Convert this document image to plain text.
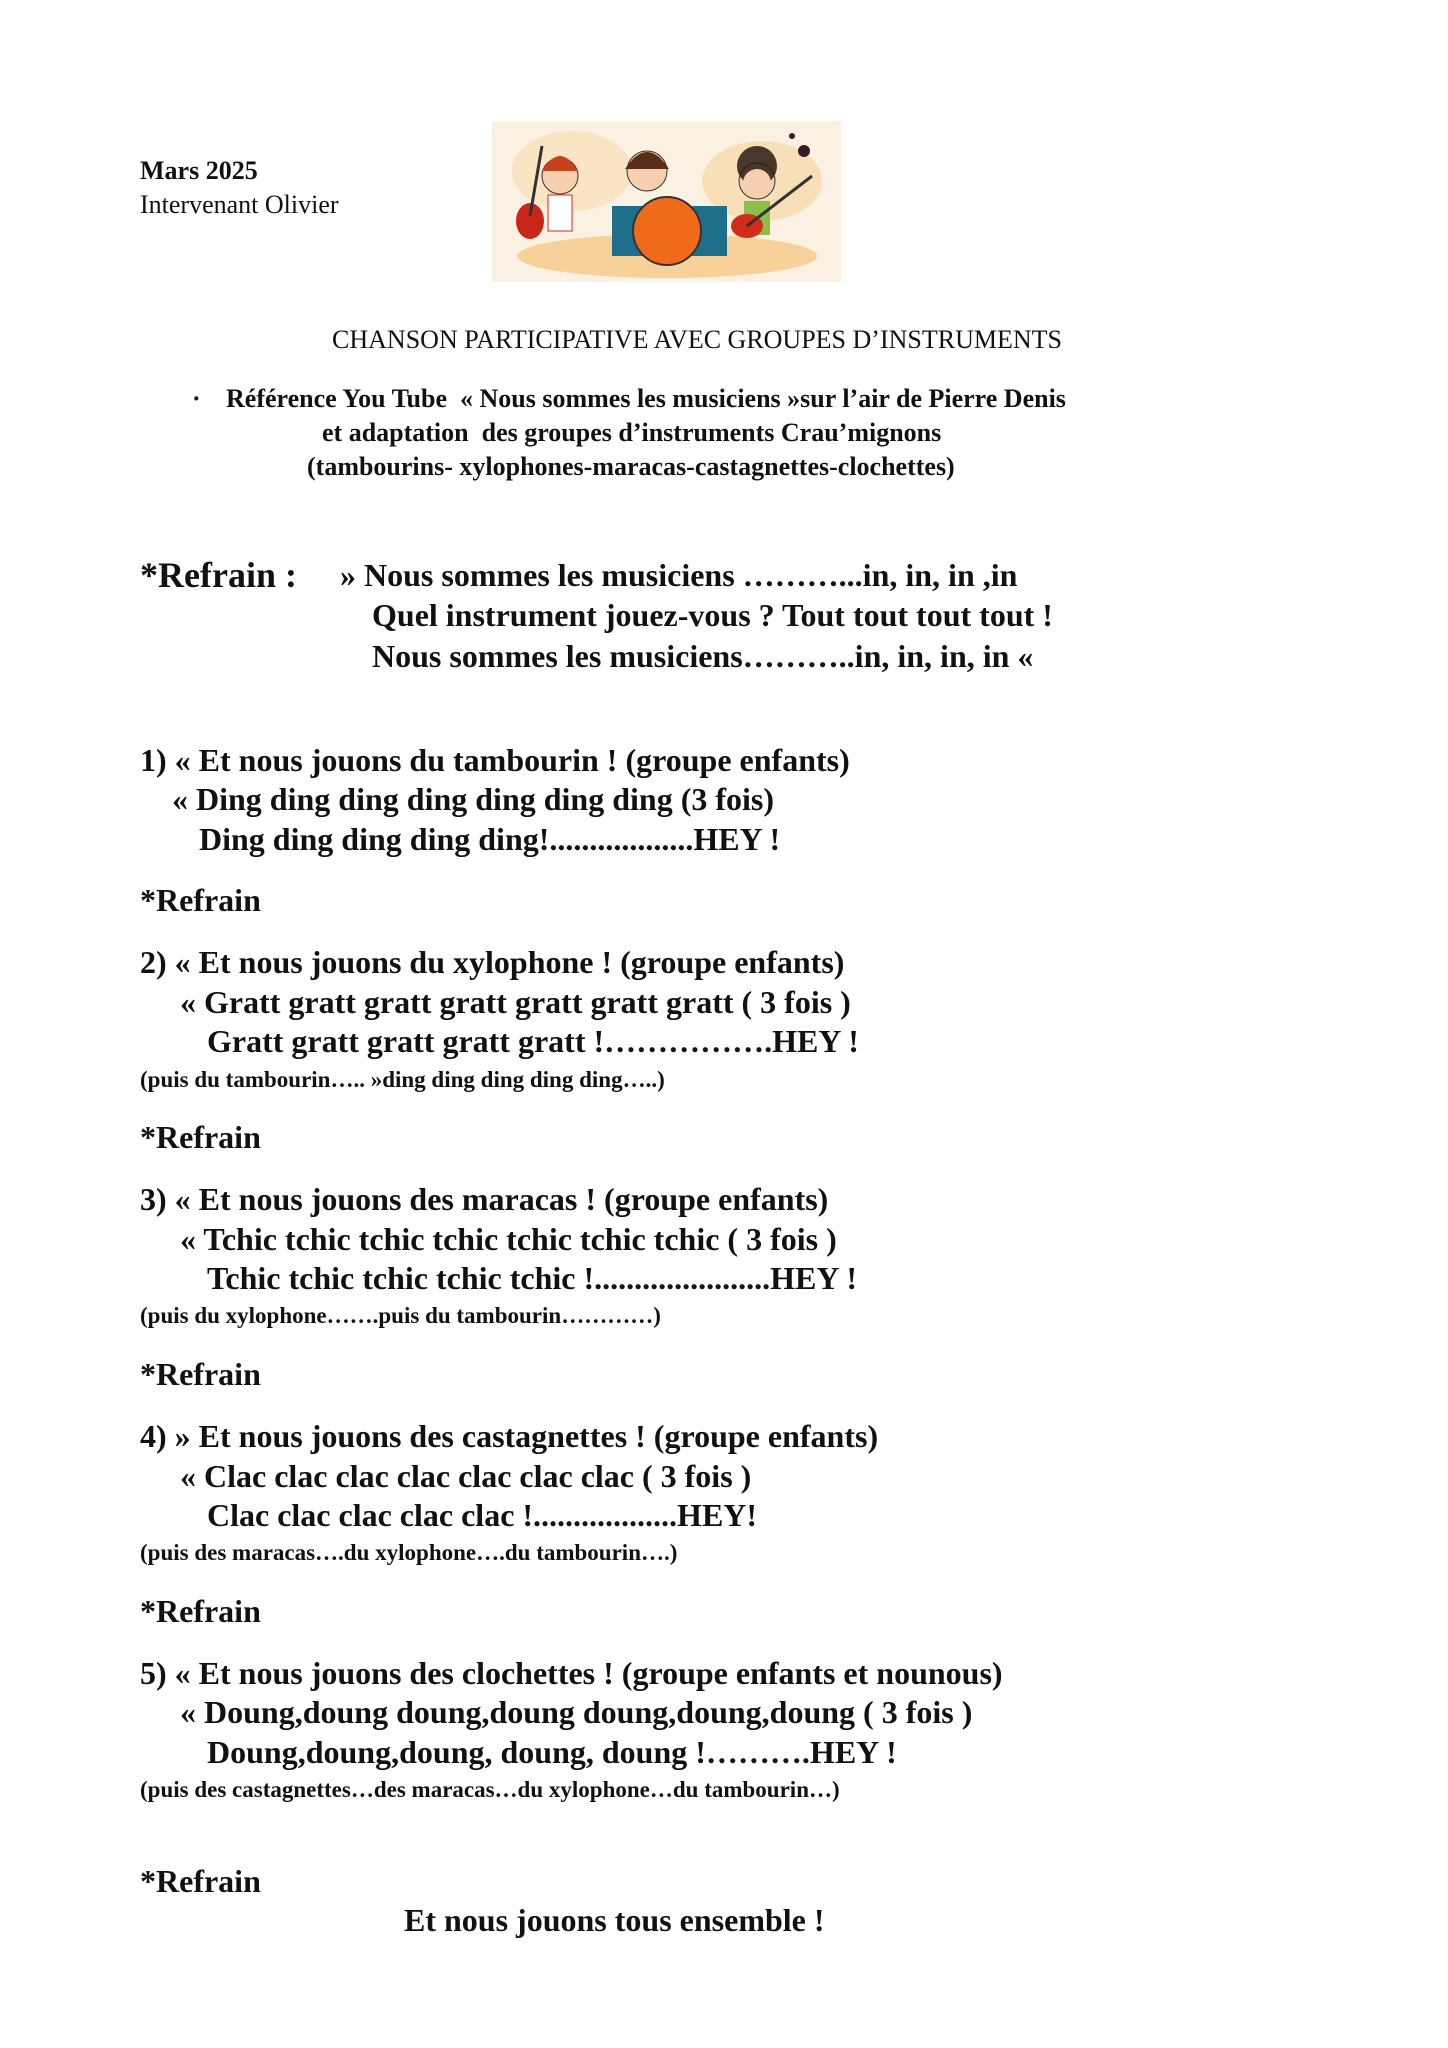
Mars 2025
Intervenant Olivier
CHANSON PARTICIPATIVE AVEC GROUPES D’INSTRUMENTS
· Référence You Tube  « Nous sommes les musiciens »sur l’air de Pierre Denis
et adaptation  des groupes d’instruments Crau’mignons
(tambourins- xylophones-maracas-castagnettes-clochettes)
*Refrain : » Nous sommes les musiciens ………...in, in, in ,in
Quel instrument jouez-vous ? Tout tout tout tout !
Nous sommes les musiciens………..in, in, in, in «
1) « Et nous jouons du tambourin ! (groupe enfants)
« Ding ding ding ding ding ding ding (3 fois)
Ding ding ding ding ding!..................HEY !
*Refrain
2) « Et nous jouons du xylophone ! (groupe enfants)
« Gratt gratt gratt gratt gratt gratt gratt ( 3 fois )
Gratt gratt gratt gratt gratt !…………….HEY !
(puis du tambourin….. »ding ding ding ding ding…..)
*Refrain
3) « Et nous jouons des maracas ! (groupe enfants)
« Tchic tchic tchic tchic tchic tchic tchic ( 3 fois )
Tchic tchic tchic tchic tchic !......................HEY !
(puis du xylophone…….puis du tambourin…………)
*Refrain
4) » Et nous jouons des castagnettes ! (groupe enfants)
« Clac clac clac clac clac clac clac ( 3 fois )
Clac clac clac clac clac !..................HEY!
(puis des maracas….du xylophone….du tambourin….)
*Refrain
5) « Et nous jouons des clochettes ! (groupe enfants et nounous)
« Doung,doung doung,doung doung,doung,doung ( 3 fois )
Doung,doung,doung, doung, doung !……….HEY !
(puis des castagnettes…des maracas…du xylophone…du tambourin…)
*Refrain
Et nous jouons tous ensemble !
